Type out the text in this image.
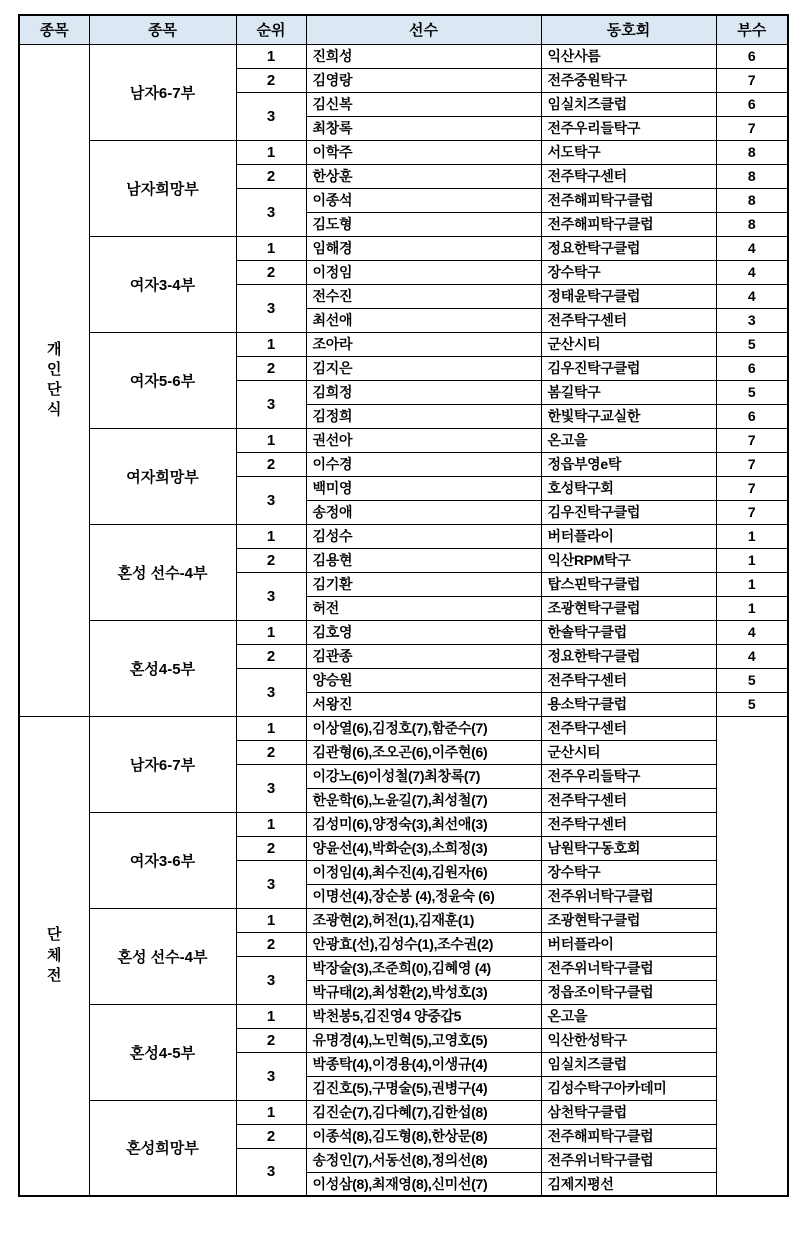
종목	종목	순위	선수	동호회	부수

개인단식	남자6-7부	1	진희성	익산사름	6
		2	김영랑	전주중원탁구	7
		3	김신복	임실치즈클럽	6
			최창록	전주우리들탁구	7
	남자희망부	1	이학주	서도탁구	8
		2	한상훈	전주탁구센터	8
		3	이종석	전주해피탁구클럽	8
			김도형	전주해피탁구클럽	8
	여자3-4부	1	임해경	정요한탁구클럽	4
		2	이정임	장수탁구	4
		3	전수진	정태윤탁구클럽	4
			최선애	전주탁구센터	3
	여자5-6부	1	조아라	군산시티	5
		2	김지은	김우진탁구클럽	6
		3	김희정	봄길탁구	5
			김정희	한빛탁구교실한	6
	여자희망부	1	권선아	온고을	7
		2	이수경	정읍부영e탁	7
		3	백미영	호성탁구회	7
			송정애	김우진탁구클럽	7
	혼성 선수-4부	1	김성수	버터플라이	1
		2	김용현	익산RPM탁구	1
		3	김기환	탑스핀탁구클럽	1
			허전	조광현탁구클럽	1
	혼성4-5부	1	김호영	한솔탁구클럽	4
		2	김관종	정요한탁구클럽	4
		3	양승원	전주탁구센터	5
			서왕진	용소탁구클럽	5

단체전	남자6-7부	1	이상열(6),김정호(7),함준수(7)	전주탁구센터	
		2	김관형(6),조오곤(6),이주현(6)	군산시티	
		3	이강노(6)이성철(7)최창록(7)	전주우리들탁구	
			한운학(6),노윤길(7),최성철(7)	전주탁구센터	
	여자3-6부	1	김성미(6),양정숙(3),최선애(3)	전주탁구센터	
		2	양윤선(4),박화순(3),소희정(3)	남원탁구동호회	
		3	이정임(4),최수진(4),김원자(6)	장수탁구	
			이명선(4),장순봉 (4),정윤숙 (6)	전주위너탁구클럽	
	혼성 선수-4부	1	조광현(2),허전(1),김재훈(1)	조광현탁구클럽	
		2	안광효(선),김성수(1),조수권(2)	버터플라이	
		3	박장술(3),조준희(0),김혜영 (4)	전주위너탁구클럽	
			박규태(2),최성환(2),박성호(3)	정읍조이탁구클럽	
	혼성4-5부	1	박천봉5,김진영4 양중갑5	온고을	
		2	유명경(4),노민혁(5),고영호(5)	익산한성탁구	
		3	박종탁(4),이경용(4),이생규(4)	임실치즈클럽	
			김진호(5),구명술(5),권병구(4)	김성수탁구아카데미	
	혼성희망부	1	김진순(7),김다혜(7),김한섭(8)	삼천탁구클럽	
		2	이종석(8),김도형(8),한상문(8)	전주해피탁구클럽	
		3	송정인(7),서동선(8),정의선(8)	전주위너탁구클럽	
			이성삼(8),최재영(8),신미선(7)	김제지평선	
